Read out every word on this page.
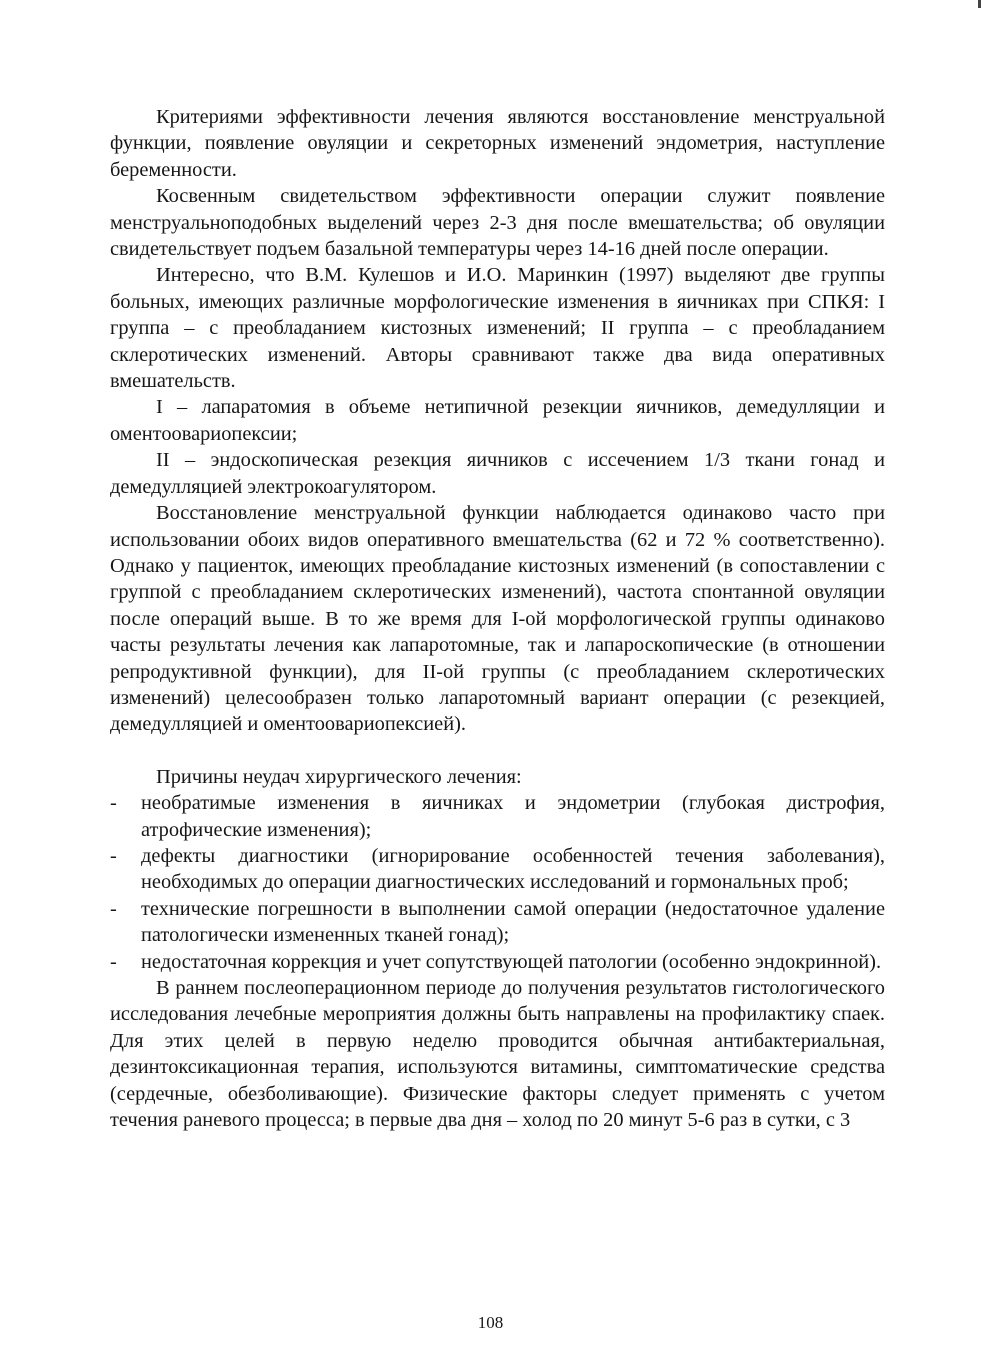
Критериями эффективности лечения являются восстановление менструальной функции, появление овуляции и секреторных изменений эндометрия, наступление беременности.

Косвенным свидетельством эффективности операции служит появление менструальноподобных выделений через 2-3 дня после вмешательства; об овуляции свидетельствует подъем базальной температуры через 14-16 дней после операции.

Интересно, что В.М. Кулешов и И.О. Маринкин (1997) выделяют две группы больных, имеющих различные морфологические изменения в яичниках при СПКЯ: I группа – с преобладанием кистозных изменений; II группа – с преобладанием склеротических изменений. Авторы сравнивают также два вида оперативных вмешательств.

I – лапаратомия в объеме нетипичной резекции яичников, демедулляции и оментоовариопексии;

II – эндоскопическая резекция яичников с иссечением 1/3 ткани гонад и демедулляцией электрокоагулятором.

Восстановление менструальной функции наблюдается одинаково часто при использовании обоих видов оперативного вмешательства (62 и 72 % соответственно). Однако у пациенток, имеющих преобладание кистозных изменений (в сопоставлении с группой с преобладанием склеротических изменений), частота спонтанной овуляции после операций выше. В то же время для I-ой морфологической группы одинаково часты результаты лечения как лапаротомные, так и лапароскопические (в отношении репродуктивной функции), для II-ой группы (с преобладанием склеротических изменений) целесообразен только лапаротомный вариант операции (с резекцией, демедулляцией и оментоовариопексией).

Причины неудач хирургического лечения:

- необратимые изменения в яичниках и эндометрии (глубокая дистрофия, атрофические изменения);
- дефекты диагностики (игнорирование особенностей течения заболевания), необходимых до операции диагностических исследований и гормональных проб;
- технические погрешности в выполнении самой операции (недостаточное удаление патологически измененных тканей гонад);
- недостаточная коррекция и учет сопутствующей патологии (особенно эндокринной).

В раннем послеоперационном периоде до получения результатов гистологического исследования лечебные мероприятия должны быть направлены на профилактику спаек. Для этих целей в первую неделю проводится обычная антибактериальная, дезинтоксикационная терапия, используются витамины, симптоматические средства (сердечные, обезболивающие). Физические факторы следует применять с учетом течения раневого процесса; в первые два дня – холод по 20 минут 5-6 раз в сутки, с 3

108
